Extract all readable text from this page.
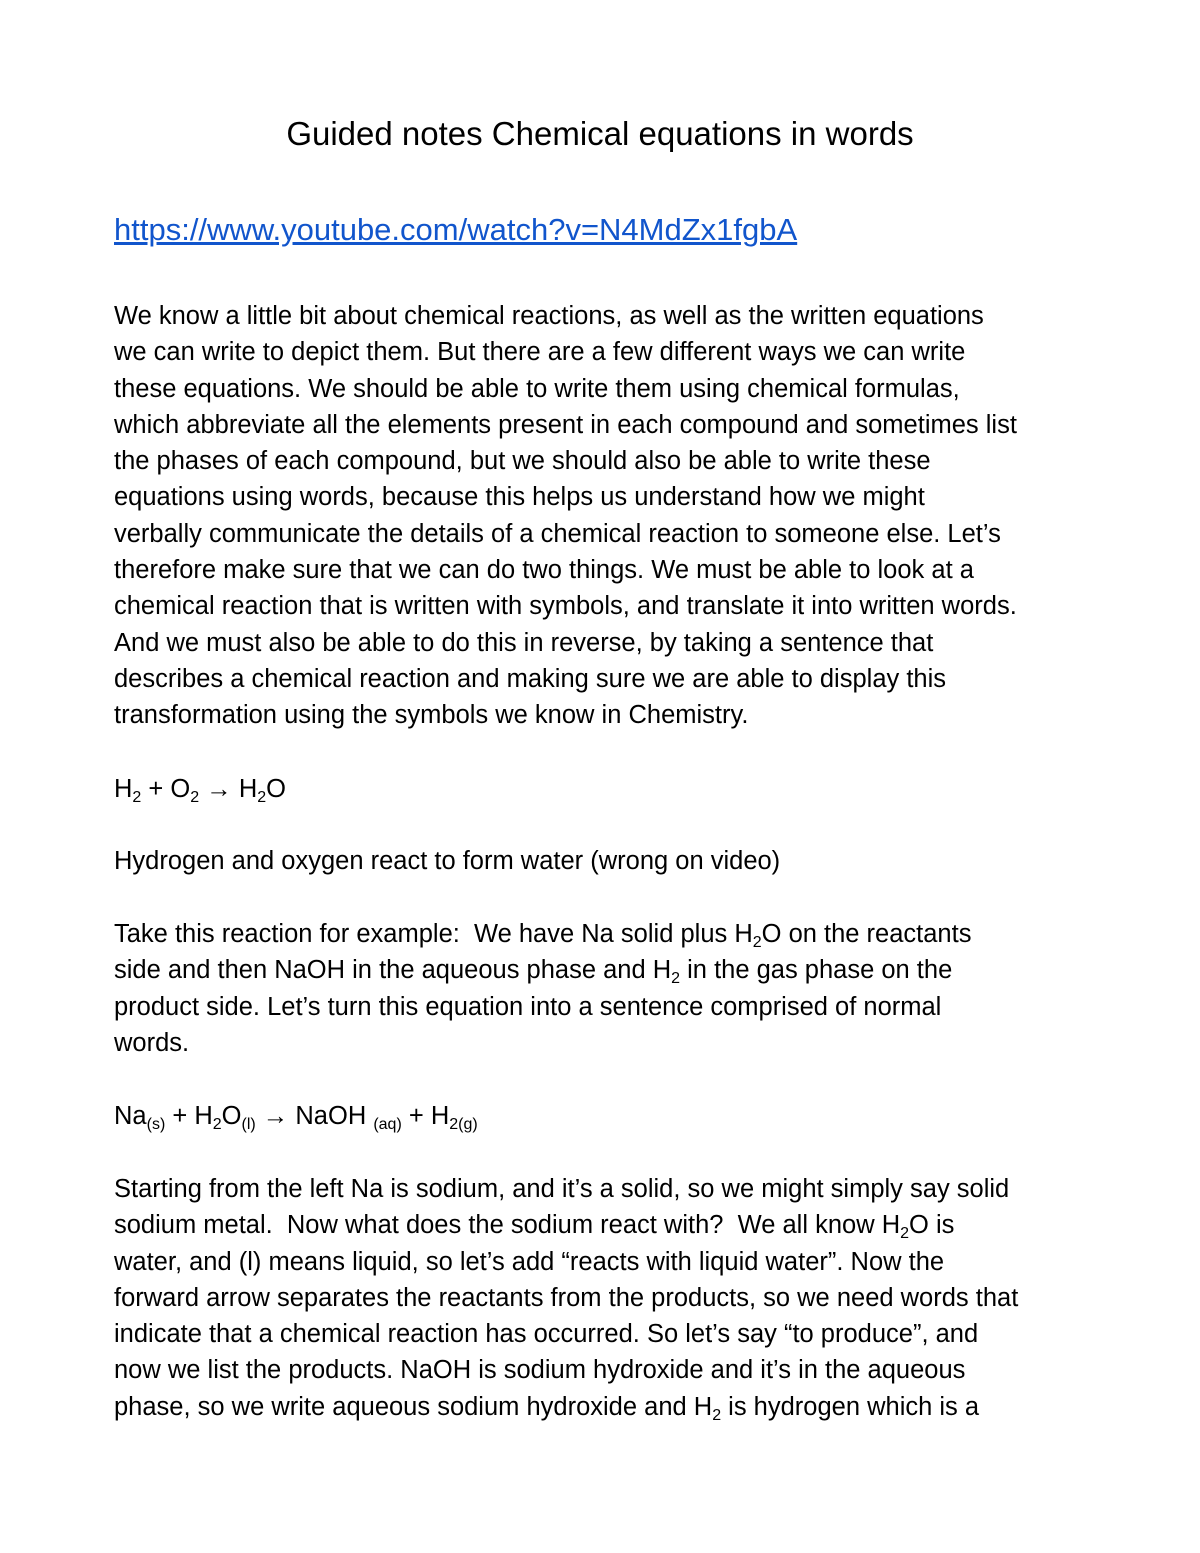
Guided notes Chemical equations in words
https://www.youtube.com/watch?v=N4MdZx1fgbA
We know a little bit about chemical reactions, as well as the written equations
we can write to depict them. But there are a few different ways we can write
these equations. We should be able to write them using chemical formulas,
which abbreviate all the elements present in each compound and sometimes list
the phases of each compound, but we should also be able to write these
equations using words, because this helps us understand how we might
verbally communicate the details of a chemical reaction to someone else. Let’s
therefore make sure that we can do two things. We must be able to look at a
chemical reaction that is written with symbols, and translate it into written words.
And we must also be able to do this in reverse, by taking a sentence that
describes a chemical reaction and making sure we are able to display this
transformation using the symbols we know in Chemistry.
$H_2 + O_2 \to H_2O$
Hydrogen and oxygen react to form water (wrong on video)
Take this reaction for example:  We have Na solid plus $H_2O$ on the reactants
side and then NaOH in the aqueous phase and $H_2$ in the gas phase on the
product side. Let’s turn this equation into a sentence comprised of normal
words.
$Na_{(s)} + H_2O_{(l)}$ → NaOH $_{(aq)} + H_{2(g)}$
Starting from the left Na is sodium, and it’s a solid, so we might simply say solid
sodium metal.  Now what does the sodium react with?  We all know $H_2O$ is
water, and (l) means liquid, so let’s add “reacts with liquid water”. Now the
forward arrow separates the reactants from the products, so we need words that
indicate that a chemical reaction has occurred. So let’s say “to produce”, and
now we list the products. NaOH is sodium hydroxide and it’s in the aqueous
phase, so we write aqueous sodium hydroxide and $H_2$ is hydrogen which is a
